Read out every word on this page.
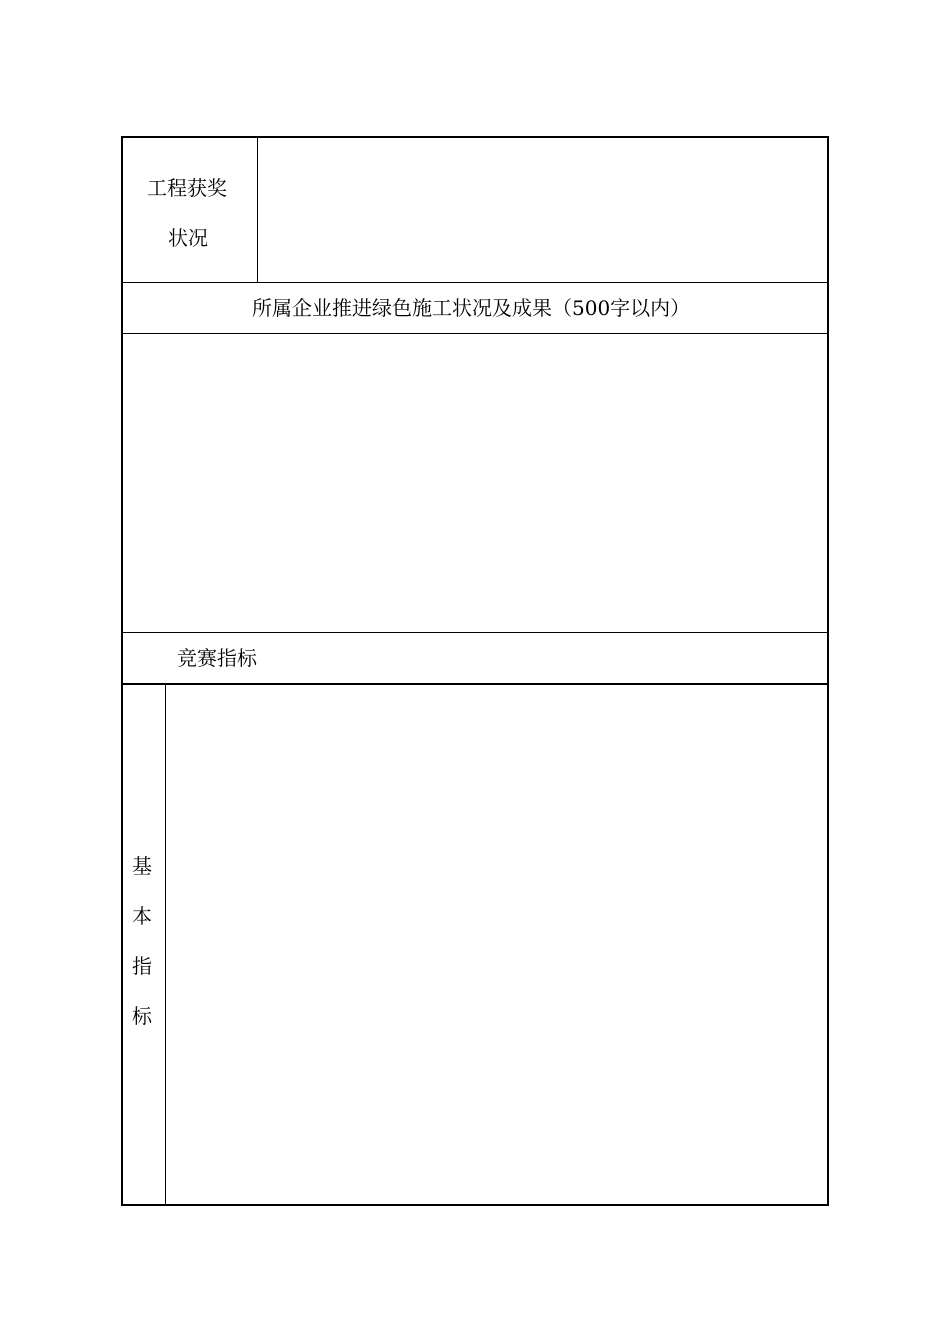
工程获奖
状况
所属企业推进绿色施工状况及成果（500字以内）
竞赛指标
基
本
指
标
